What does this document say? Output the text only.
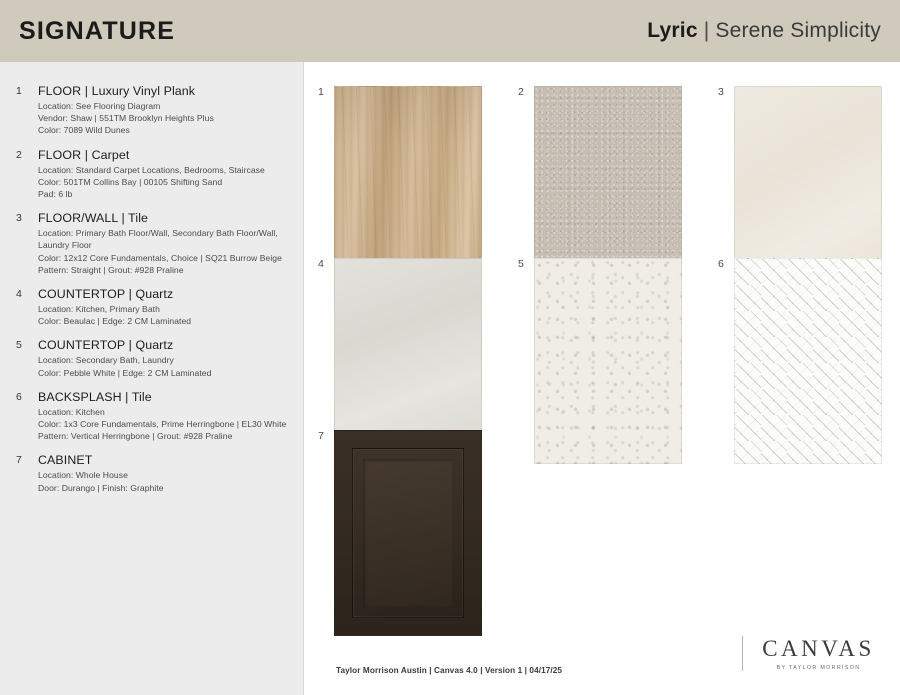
SIGNATURE	Lyric | Serene Simplicity
1	FLOOR | Luxury Vinyl Plank
Location: See Flooring Diagram
Vendor: Shaw | 551TM Brooklyn Heights Plus
Color: 7089 Wild Dunes
2	FLOOR | Carpet
Location: Standard Carpet Locations, Bedrooms, Staircase
Color: 501TM Collins Bay | 00105 Shifting Sand
Pad: 6 lb
3	FLOOR/WALL | Tile
Location: Primary Bath Floor/Wall, Secondary Bath Floor/Wall, Laundry Floor
Color: 12x12 Core Fundamentals, Choice | SQ21 Burrow Beige
Pattern: Straight | Grout: #928 Praline
4	COUNTERTOP | Quartz
Location: Kitchen, Primary Bath
Color: Beaulac | Edge: 2 CM Laminated
5	COUNTERTOP | Quartz
Location: Secondary Bath, Laundry
Color: Pebble White | Edge: 2 CM Laminated
6	BACKSPLASH | Tile
Location: Kitchen
Color: 1x3 Core Fundamentals, Prime Herringbone | EL30 White
Pattern: Vertical Herringbone | Grout: #928 Praline
7	CABINET
Location: Whole House
Door: Durango | Finish: Graphite
1	2	3
4	5	6
7
Taylor Morrison Austin | Canvas 4.0 | Version 1 | 04/17/25
CANVAS
BY TAYLOR MORRISON
